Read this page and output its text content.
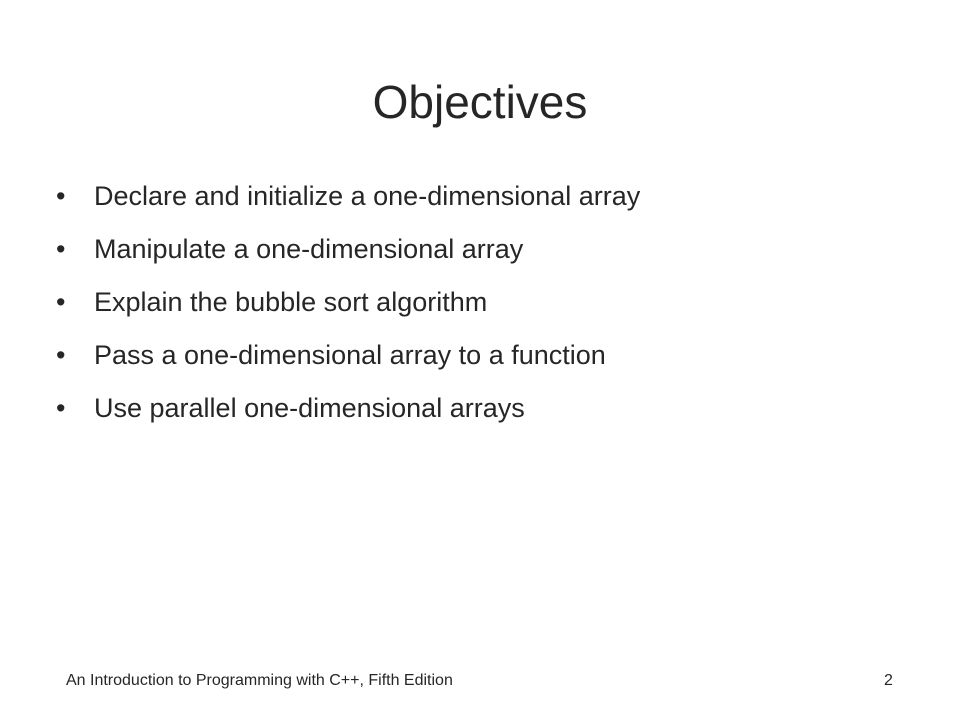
Objectives
• Declare and initialize a one-dimensional array
• Manipulate a one-dimensional array
• Explain the bubble sort algorithm
• Pass a one-dimensional array to a function
• Use parallel one-dimensional arrays
An Introduction to Programming with C++, Fifth Edition	2
